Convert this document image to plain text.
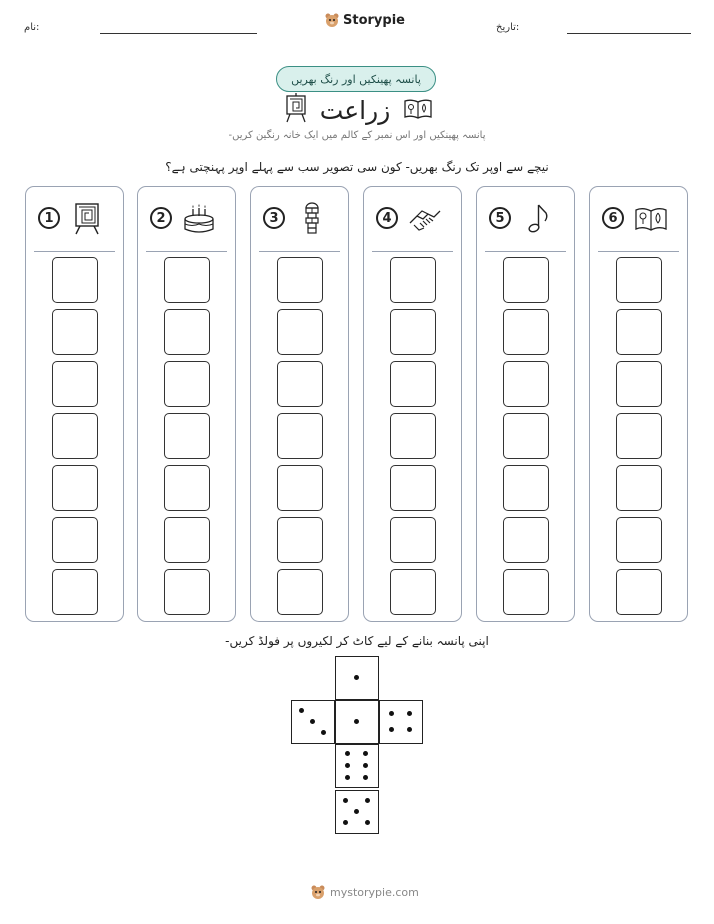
نام:	Storypie	تاریخ:
پانسہ پھینکیں اور رنگ بھریں
زراعت
پانسہ پھینکیں اور اس نمبر کے کالم میں ایک خانہ رنگین کریں-
نیچے سے اوپر تک رنگ بھریں- کون سی تصویر سب سے پہلے اوپر پہنچتی ہے؟
1	2	3	4	5	6
اپنی پانسہ بنانے کے لیے کاٹ کر لکیروں پر فولڈ کریں-
mystorypie.com
